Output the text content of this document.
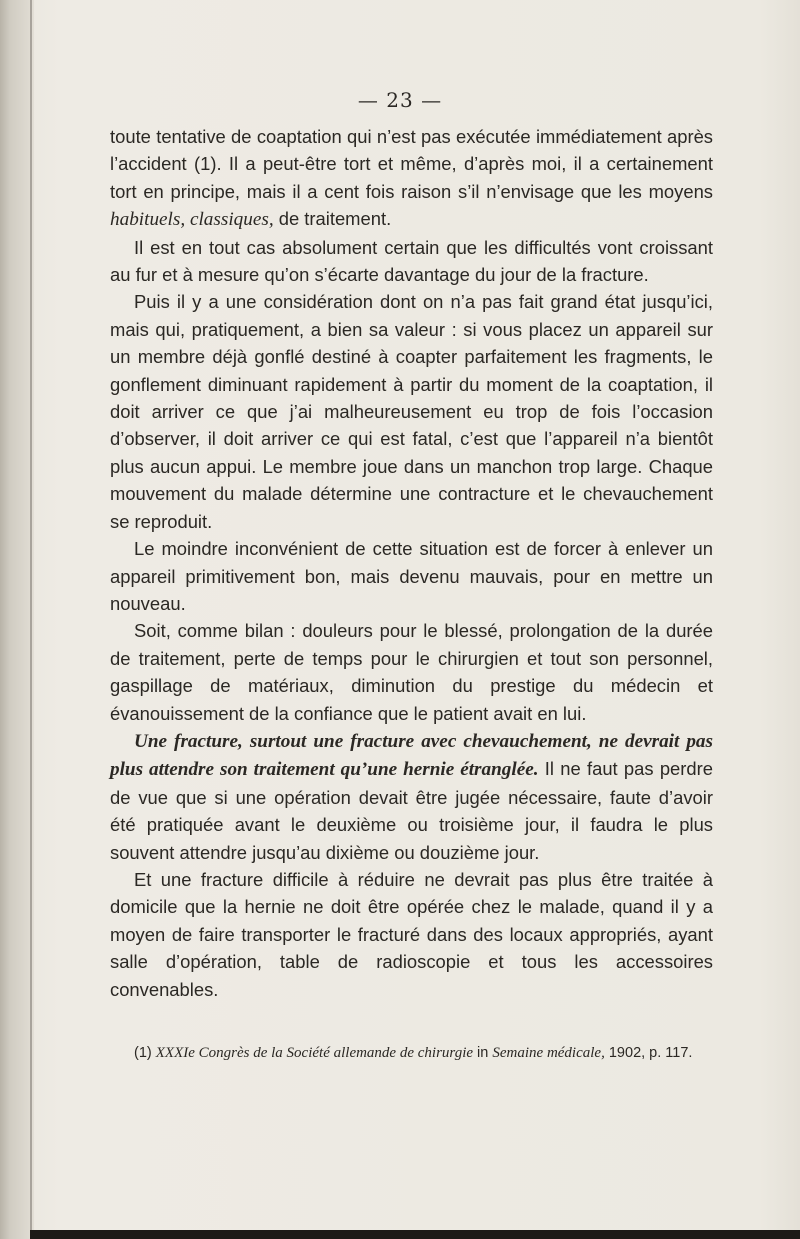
— 23 —

toute tentative de coaptation qui n’est pas exécutée immédiatement après l’accident (1). Il a peut-être tort et même, d’après moi, il a certainement tort en principe, mais il a cent fois raison s’il n’envisage que les moyens habituels, classiques, de traitement.

Il est en tout cas absolument certain que les difficultés vont croissant au fur et à mesure qu’on s’écarte davantage du jour de la fracture.

Puis il y a une considération dont on n’a pas fait grand état jusqu’ici, mais qui, pratiquement, a bien sa valeur : si vous placez un appareil sur un membre déjà gonflé destiné à coapter parfaitement les fragments, le gonflement diminuant rapidement à partir du moment de la coaptation, il doit arriver ce que j’ai malheureusement eu trop de fois l’occasion d’observer, il doit arriver ce qui est fatal, c’est que l’appareil n’a bientôt plus aucun appui. Le membre joue dans un manchon trop large. Chaque mouvement du malade détermine une contracture et le chevauchement se reproduit.

Le moindre inconvénient de cette situation est de forcer à enlever un appareil primitivement bon, mais devenu mauvais, pour en mettre un nouveau.

Soit, comme bilan : douleurs pour le blessé, prolongation de la durée de traitement, perte de temps pour le chirurgien et tout son personnel, gaspillage de matériaux, diminution du prestige du médecin et évanouissement de la confiance que le patient avait en lui.

Une fracture, surtout une fracture avec chevauchement, ne devrait pas plus attendre son traitement qu’une hernie étranglée. Il ne faut pas perdre de vue que si une opération devait être jugée nécessaire, faute d’avoir été pratiquée avant le deuxième ou troisième jour, il faudra le plus souvent attendre jusqu’au dixième ou douzième jour.

Et une fracture difficile à réduire ne devrait pas plus être traitée à domicile que la hernie ne doit être opérée chez le malade, quand il y a moyen de faire transporter le fracturé dans des locaux appropriés, ayant salle d’opération, table de radioscopie et tous les accessoires convenables.

(1) XXXIe Congrès de la Société allemande de chirurgie in Semaine médicale, 1902, p. 117.
